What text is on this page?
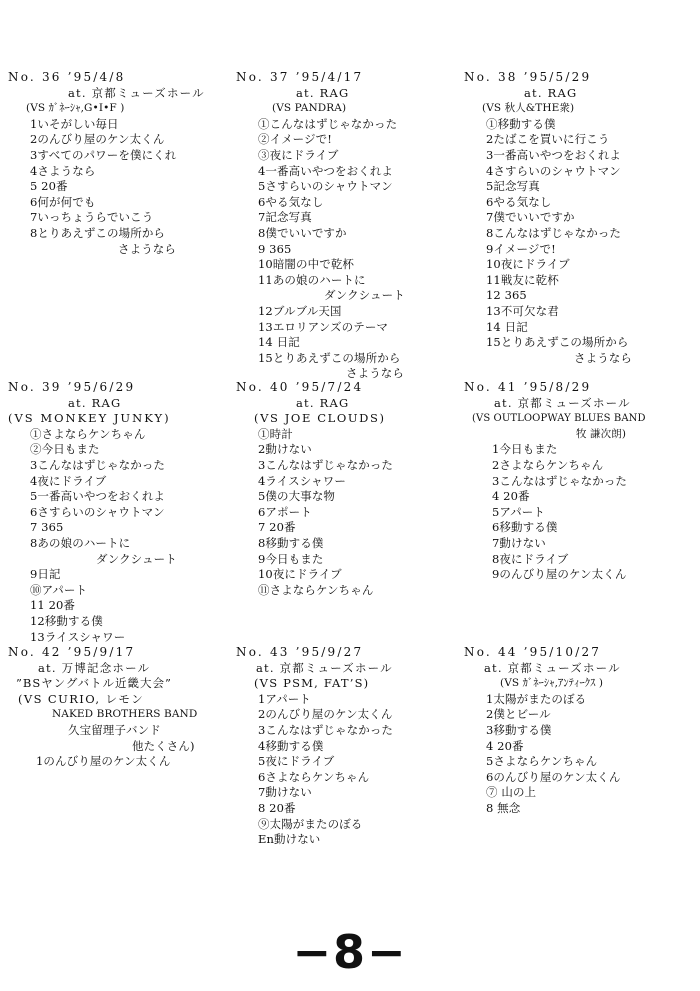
No. 36 ’95/4/8
at. 京都ミューズホール
(VS ｶﾞﾈｰｼｬ,G•I•F )
1いそがしい毎日
2のんびり屋のケン太くん
3すべてのパワーを僕にくれ
4さようなら
5 20番
6何が何でも
7いっちょうらでいこう
8とりあえずこの場所から
さようなら
No. 37 ’95/4/17
at. RAG
(VS PANDRA)
①こんなはずじゃなかった
②イメージで!
③夜にドライブ
4一番高いやつをおくれよ
5さすらいのシャウトマン
6やる気なし
7記念写真
8僕でいいですか
9 365
10暗闇の中で乾杯
11あの娘のハートに
ダンクシュート
12ブルブル天国
13エロリアンズのテーマ
14 日記
15とりあえずこの場所から
さようなら
No. 38 ’95/5/29
at. RAG
(VS 秋人&THE衆)
①移動する僕
2たばこを買いに行こう
3一番高いやつをおくれよ
4さすらいのシャウトマン
5記念写真
6やる気なし
7僕でいいですか
8こんなはずじゃなかった
9イメージで!
10夜にドライブ
11戦友に乾杯
12 365
13不可欠な君
14 日記
15とりあえずこの場所から
さようなら
No. 39 ’95/6/29
at. RAG
(VS MONKEY JUNKY)
①さよならケンちゃん
②今日もまた
3こんなはずじゃなかった
4夜にドライブ
5一番高いやつをおくれよ
6さすらいのシャウトマン
7 365
8あの娘のハートに
ダンクシュート
9日記
⑩アパート
11 20番
12移動する僕
13ライスシャワー
No. 40 ’95/7/24
at. RAG
(VS JOE CLOUDS)
①時計
2動けない
3こんなはずじゃなかった
4ライスシャワー
5僕の大事な物
6アポート
7 20番
8移動する僕
9今日もまた
10夜にドライブ
⑪さよならケンちゃん
No. 41 ’95/8/29
at. 京都ミューズホール
(VS OUTLOOPWAY BLUES BAND
牧 謙次朗)
1今日もまた
2さよならケンちゃん
3こんなはずじゃなかった
4 20番
5アパート
6移動する僕
7動けない
8夜にドライブ
9のんびり屋のケン太くん
No. 42 ’95/9/17
at. 万博記念ホール
”BSヤングバトル近畿大会”
(VS CURIO, レモン
NAKED BROTHERS BAND
久宝留理子バンド
他たくさん)
1のんびり屋のケン太くん
No. 43 ’95/9/27
at. 京都ミューズホール
(VS PSM, FAT’S)
1アパート
2のんびり屋のケン太くん
3こんなはずじゃなかった
4移動する僕
5夜にドライブ
6さよならケンちゃん
7動けない
8 20番
⑨太陽がまたのぼる
En動けない
No. 44 ’95/10/27
at. 京都ミューズホール
(VS ｶﾞﾈｰｼｬ,ｱﾝﾃｨｰｸｽ )
1太陽がまたのぼる
2僕とビール
3移動する僕
4 20番
5さよならケンちゃん
6のんびり屋のケン太くん
⑦ 山の上
8 無念
−8−
